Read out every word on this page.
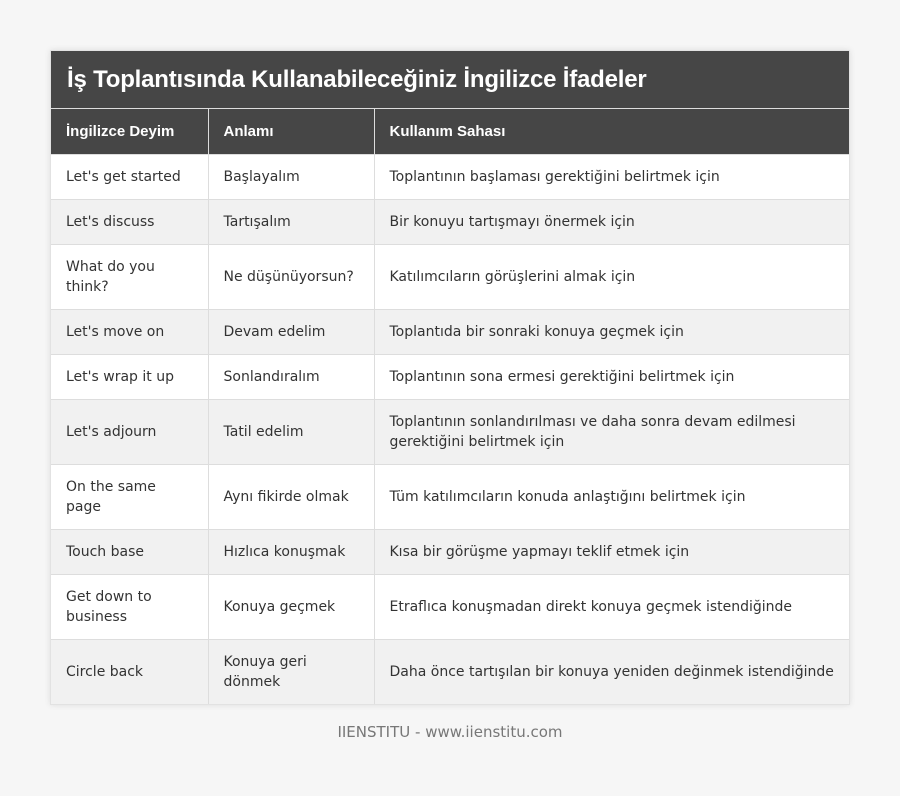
İş Toplantısında Kullanabileceğiniz İngilizce İfadeler
İngilizce Deyim	Anlamı	Kullanım Sahası
Let's get started	Başlayalım	Toplantının başlaması gerektiğini belirtmek için
Let's discuss	Tartışalım	Bir konuyu tartışmayı önermek için
What do you think?	Ne düşünüyorsun?	Katılımcıların görüşlerini almak için
Let's move on	Devam edelim	Toplantıda bir sonraki konuya geçmek için
Let's wrap it up	Sonlandıralım	Toplantının sona ermesi gerektiğini belirtmek için
Let's adjourn	Tatil edelim	Toplantının sonlandırılması ve daha sonra devam edilmesi gerektiğini belirtmek için
On the same page	Aynı fikirde olmak	Tüm katılımcıların konuda anlaştığını belirtmek için
Touch base	Hızlıca konuşmak	Kısa bir görüşme yapmayı teklif etmek için
Get down to business	Konuya geçmek	Etraflıca konuşmadan direkt konuya geçmek istendiğinde
Circle back	Konuya geri dönmek	Daha önce tartışılan bir konuya yeniden değinmek istendiğinde
IIENSTITU - www.iienstitu.com
